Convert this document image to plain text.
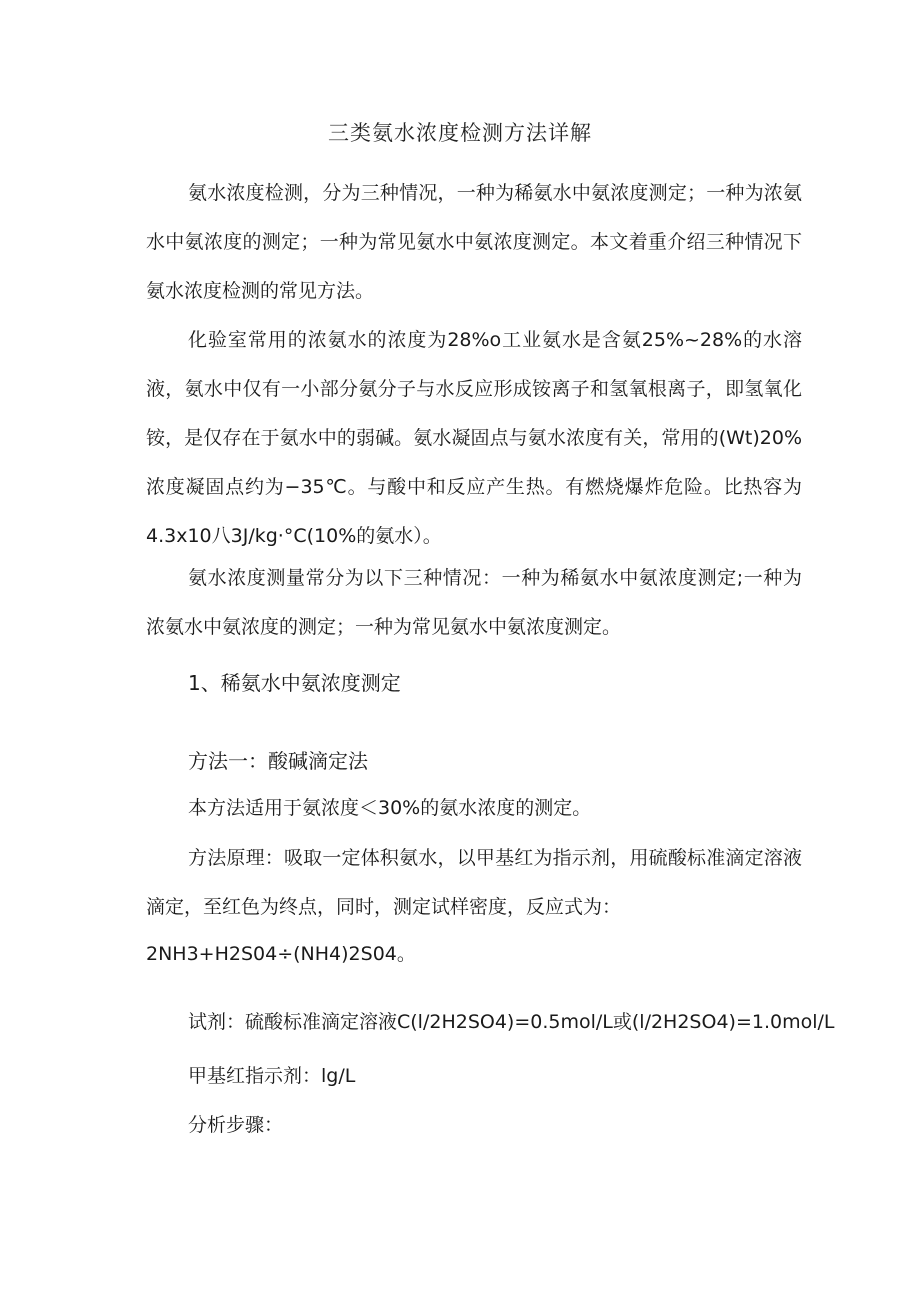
三类氨水浓度检测方法详解
氨水浓度检测，分为三种情况，一种为稀氨水中氨浓度测定；一种为浓氨水中氨浓度的测定；一种为常见氨水中氨浓度测定。本文着重介绍三种情况下氨水浓度检测的常见方法。
化验室常用的浓氨水的浓度为28%o工业氨水是含氨25%~28%的水溶液，氨水中仅有一小部分氨分子与水反应形成铵离子和氢氧根离子，即氢氧化铵，是仅存在于氨水中的弱碱。氨水凝固点与氨水浓度有关，常用的(Wt)20%浓度凝固点约为−35℃。与酸中和反应产生热。有燃烧爆炸危险。比热容为4.3x10八3J/kg·°C(10%的氨水）。
氨水浓度测量常分为以下三种情况：一种为稀氨水中氨浓度测定;一种为浓氨水中氨浓度的测定；一种为常见氨水中氨浓度测定。
1、稀氨水中氨浓度测定
方法一：酸碱滴定法
本方法适用于氨浓度＜30%的氨水浓度的测定。
方法原理：吸取一定体积氨水，以甲基红为指示剂，用硫酸标准滴定溶液滴定，至红色为终点，同时，测定试样密度，反应式为：
2NH3+H2S04÷(NH4)2S04。
试剂：硫酸标准滴定溶液C(l/2H2SO4)=0.5mol/L或(l/2H2SO4)=1.0mol/L
甲基红指示剂：lg/L
分析步骤：
